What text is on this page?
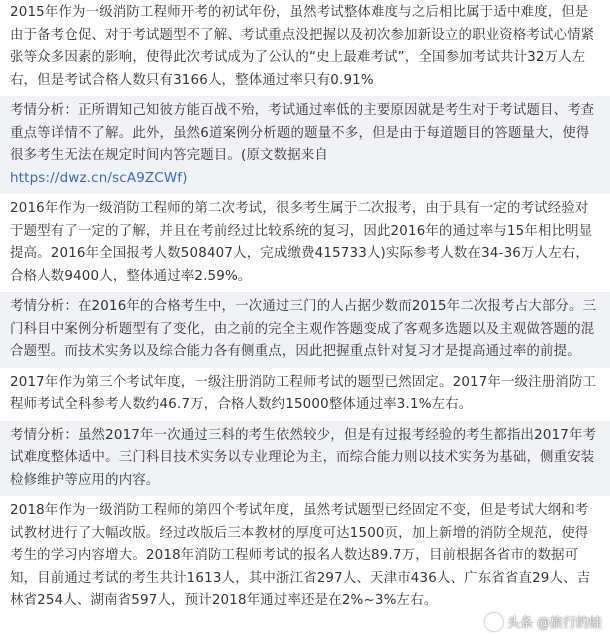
2015年作为一级消防工程师开考的初试年份，虽然考试整体难度与之后相比属于适中难度，但是由于备考仓促、对于考试题型不了解、考试重点没把握以及初次参加新设立的职业资格考试心情紧张等众多因素的影响，使得此次考试成为了公认的“史上最难考试”，全国参加考试共计32万人左右，但是考试合格人数只有3166人，整体通过率只有0.91%

考情分析：正所谓知己知彼方能百战不殆，考试通过率低的主要原因就是考生对于考试题目、考查重点等详情不了解。此外，虽然6道案例分析题的题量不多，但是由于每道题目的答题量大，使得很多考生无法在规定时间内答完题目。(原文数据来自
https://dwz.cn/scA9ZCWf)

2016年作为一级消防工程师的第二次考试，很多考生属于二次报考，由于具有一定的考试经验对于题型有了一定的了解，并且在考前经过比较系统的复习，因此2016年的通过率与15年相比明显提高。2016年全国报考人数508407人，完成缴费415733人)实际参考人数在34-36万人左右，合格人数9400人，整体通过率2.59%。

考情分析：在2016年的合格考生中，一次通过三门的人占据少数而2015年二次报考占大部分。三门科目中案例分析题型有了变化，由之前的完全主观作答题变成了客观多选题以及主观做答题的混合题型。而技术实务以及综合能力各有侧重点，因此把握重点针对复习才是提高通过率的前提。

2017年作为第三个考试年度，一级注册消防工程师考试的题型已然固定。2017年一级注册消防工程师考试全科参考人数约46.7万，合格人数约15000整体通过率3.1%左右。

考情分析：虽然2017年一次通过三科的考生依然较少，但是有过报考经验的考生都指出2017年考试难度整体适中。三门科目技术实务以专业理论为主，而综合能力则以技术实务为基础，侧重安装检修维护等应用的内容。

2018年作为一级消防工程师的第四个考试年度，虽然考试题型已经固定不变，但是考试大纲和考试教材进行了大幅改版。经过改版后三本教材的厚度可达1500页，加上新增的消防全规范，使得考生的学习内容增大。2018年消防工程师考试的报名人数达89.7万，目前根据各省市的数据可知，目前通过考试的考生共计1613人，其中浙江省297人、天津市436人、广东省省直29人、吉林省254人、湖南省597人，预计2018年通过率还是在2%~3%左右。

头条 @旅行的蛙
